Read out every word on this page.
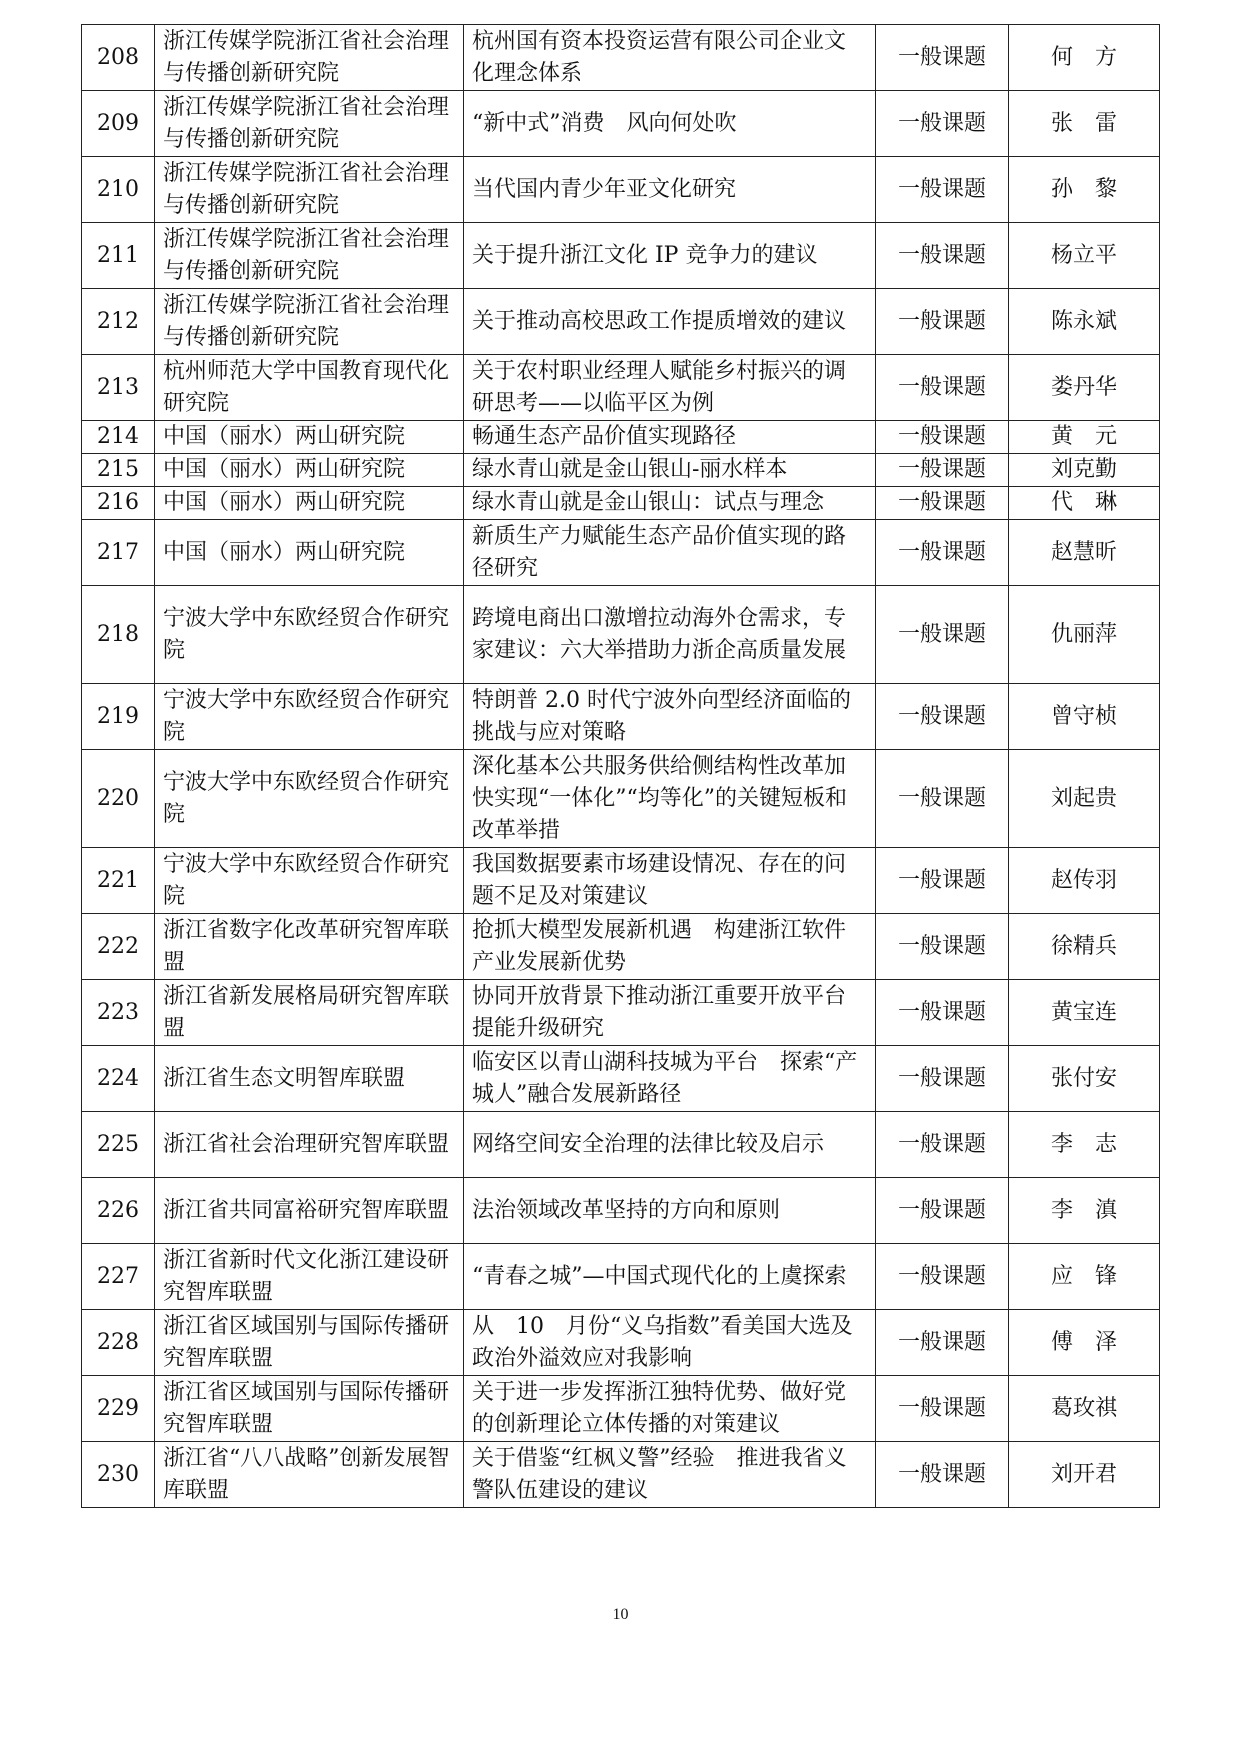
208	浙江传媒学院浙江省社会治理与传播创新研究院	杭州国有资本投资运营有限公司企业文化理念体系	一般课题	何　方
209	浙江传媒学院浙江省社会治理与传播创新研究院	“新中式”消费　风向何处吹	一般课题	张　雷
210	浙江传媒学院浙江省社会治理与传播创新研究院	当代国内青少年亚文化研究	一般课题	孙　黎
211	浙江传媒学院浙江省社会治理与传播创新研究院	关于提升浙江文化 IP 竞争力的建议	一般课题	杨立平
212	浙江传媒学院浙江省社会治理与传播创新研究院	关于推动高校思政工作提质增效的建议	一般课题	陈永斌
213	杭州师范大学中国教育现代化研究院	关于农村职业经理人赋能乡村振兴的调研思考——以临平区为例	一般课题	娄丹华
214	中国（丽水）两山研究院	畅通生态产品价值实现路径	一般课题	黄　元
215	中国（丽水）两山研究院	绿水青山就是金山银山-丽水样本	一般课题	刘克勤
216	中国（丽水）两山研究院	绿水青山就是金山银山：试点与理念	一般课题	代　琳
217	中国（丽水）两山研究院	新质生产力赋能生态产品价值实现的路径研究	一般课题	赵慧昕
218	宁波大学中东欧经贸合作研究院	跨境电商出口激增拉动海外仓需求，专家建议：六大举措助力浙企高质量发展	一般课题	仇丽萍
219	宁波大学中东欧经贸合作研究院	特朗普 2.0 时代宁波外向型经济面临的挑战与应对策略	一般课题	曾守桢
220	宁波大学中东欧经贸合作研究院	深化基本公共服务供给侧结构性改革加快实现“一体化”“均等化”的关键短板和改革举措	一般课题	刘起贵
221	宁波大学中东欧经贸合作研究院	我国数据要素市场建设情况、存在的问题不足及对策建议	一般课题	赵传羽
222	浙江省数字化改革研究智库联盟	抢抓大模型发展新机遇　构建浙江软件产业发展新优势	一般课题	徐精兵
223	浙江省新发展格局研究智库联盟	协同开放背景下推动浙江重要开放平台提能升级研究	一般课题	黄宝连
224	浙江省生态文明智库联盟	临安区以青山湖科技城为平台　探索“产城人”融合发展新路径	一般课题	张付安
225	浙江省社会治理研究智库联盟	网络空间安全治理的法律比较及启示	一般课题	李　志
226	浙江省共同富裕研究智库联盟	法治领域改革坚持的方向和原则	一般课题	李　滇
227	浙江省新时代文化浙江建设研究智库联盟	“青春之城”—中国式现代化的上虞探索	一般课题	应　锋
228	浙江省区域国别与国际传播研究智库联盟	从　10　月份“义乌指数”看美国大选及政治外溢效应对我影响	一般课题	傅　泽
229	浙江省区域国别与国际传播研究智库联盟	关于进一步发挥浙江独特优势、做好党的创新理论立体传播的对策建议	一般课题	葛玫祺
230	浙江省“八八战略”创新发展智库联盟	关于借鉴“红枫义警”经验　推进我省义警队伍建设的建议	一般课题	刘开君
10
